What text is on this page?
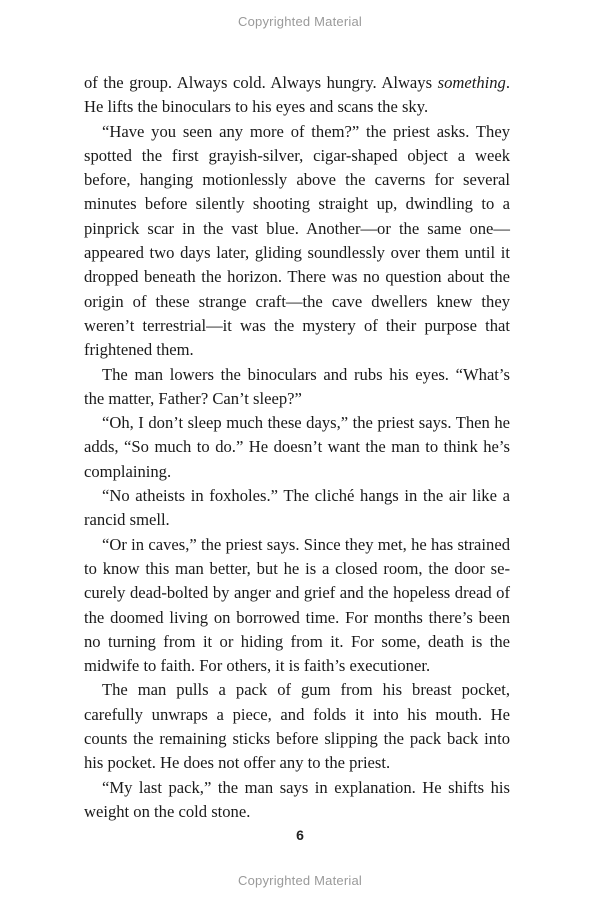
Copyrighted Material

of the group. Always cold. Always hungry. Always something. He lifts the binoculars to his eyes and scans the sky.

“Have you seen any more of them?” the priest asks. They spotted the first grayish-silver, cigar-shaped object a week before, hanging motionlessly above the caverns for several minutes before silently shooting straight up, dwindling to a pinprick scar in the vast blue. Another—or the same one—appeared two days later, gliding soundlessly over them until it dropped beneath the horizon. There was no question about the origin of these strange craft—the cave dwellers knew they weren’t terrestrial—it was the mystery of their purpose that frightened them.

The man lowers the binoculars and rubs his eyes. “What’s the matter, Father? Can’t sleep?”

“Oh, I don’t sleep much these days,” the priest says. Then he adds, “So much to do.” He doesn’t want the man to think he’s complaining.

“No atheists in foxholes.” The cliché hangs in the air like a rancid smell.

“Or in caves,” the priest says. Since they met, he has strained to know this man better, but he is a closed room, the door securely dead-bolted by anger and grief and the hopeless dread of the doomed living on borrowed time. For months there’s been no turning from it or hiding from it. For some, death is the midwife to faith. For others, it is faith’s executioner.

The man pulls a pack of gum from his breast pocket, carefully unwraps a piece, and folds it into his mouth. He counts the remaining sticks before slipping the pack back into his pocket. He does not offer any to the priest.

“My last pack,” the man says in explanation. He shifts his weight on the cold stone.

6
Copyrighted Material
